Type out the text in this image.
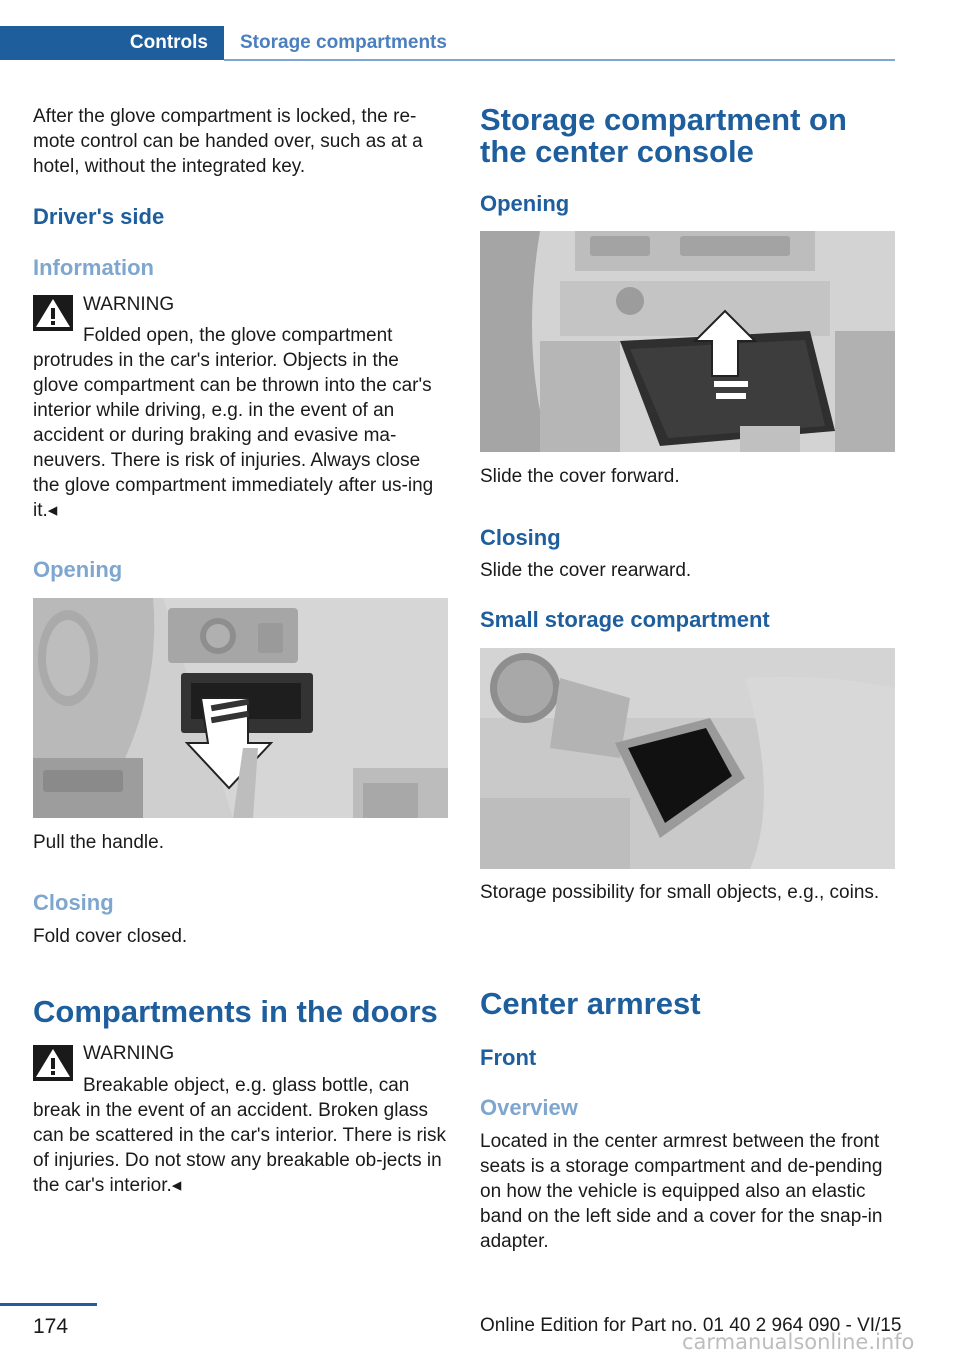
Controls	Storage compartments

After the glove compartment is locked, the re-mote control can be handed over, such as at a hotel, without the integrated key.

Driver's side
Information
WARNING

Folded open, the glove compartment protrudes in the car's interior. Objects in the glove compartment can be thrown into the car's interior while driving, e.g. in the event of an accident or during braking and evasive ma-neuvers. There is risk of injuries. Always close the glove compartment immediately after us-ing it.◂

Opening

Pull the handle.

Closing

Fold cover closed.

Compartments in the doors
WARNING

Breakable object, e.g. glass bottle, can break in the event of an accident. Broken glass can be scattered in the car's interior. There is risk of injuries. Do not stow any breakable ob-jects in the car's interior.◂

Storage compartment on the center console
Opening

Slide the cover forward.

Closing

Slide the cover rearward.

Small storage compartment

Storage possibility for small objects, e.g., coins.

Center armrest
Front
Overview

Located in the center armrest between the front seats is a storage compartment and de-pending on how the vehicle is equipped also an elastic band on the left side and a cover for the snap-in adapter.

174	Online Edition for Part no. 01 40 2 964 090 - VI/15
carmanualsonline.info
